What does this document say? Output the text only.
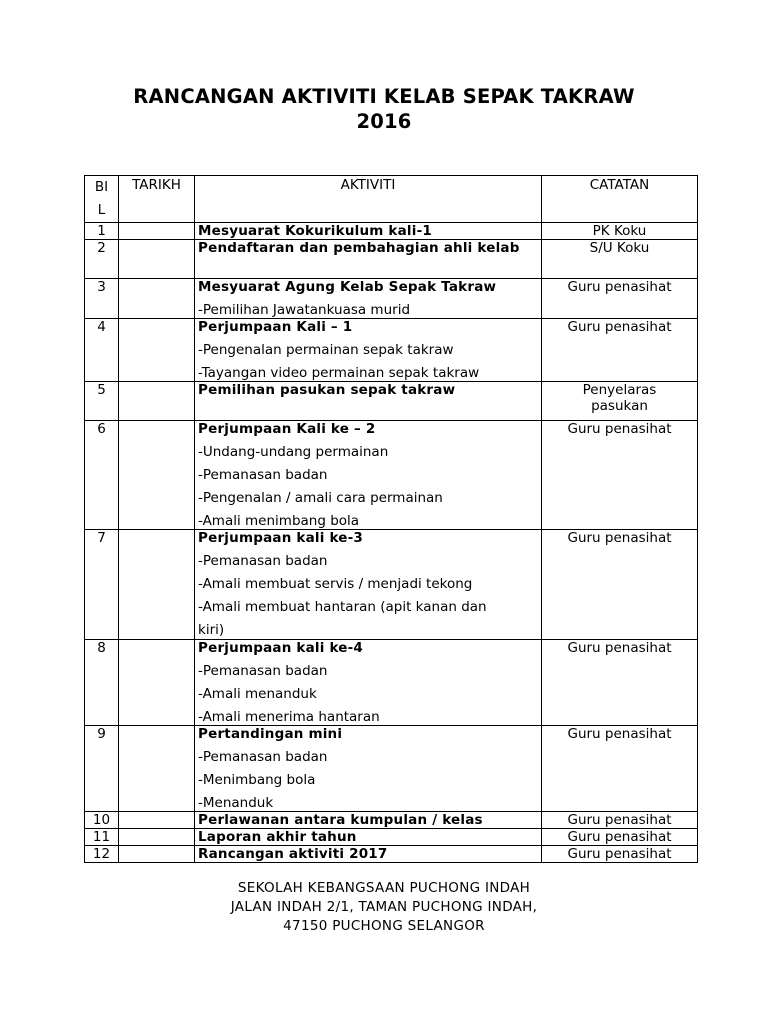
RANCANGAN AKTIVITI KELAB SEPAK TAKRAW
2016
BI
L	TARIKH	AKTIVITI	CATATAN
1		Mesyuarat Kokurikulum kali-1	PK Koku
2		Pendaftaran dan pembahagian ahli kelab	S/U Koku
3		Mesyuarat Agung Kelab Sepak Takraw
-Pemilihan Jawatankuasa murid	Guru penasihat
4		Perjumpaan Kali – 1
-Pengenalan permainan sepak takraw
-Tayangan video permainan sepak takraw	Guru penasihat
5		Pemilihan pasukan sepak takraw	Penyelaras
pasukan

6		Perjumpaan Kali ke – 2
-Undang-undang permainan
-Pemanasan badan
-Pengenalan / amali cara permainan
-Amali menimbang bola	Guru penasihat
7		Perjumpaan kali ke-3
-Pemanasan badan
-Amali membuat servis / menjadi tekong
-Amali membuat hantaran (apit kanan dan
kiri)	Guru penasihat
8		Perjumpaan kali ke-4
-Pemanasan badan
-Amali menanduk
-Amali menerima hantaran	Guru penasihat
9		Pertandingan mini
-Pemanasan badan
-Menimbang bola
-Menanduk	Guru penasihat
10		Perlawanan antara kumpulan / kelas	Guru penasihat
11		Laporan akhir tahun	Guru penasihat
12		Rancangan aktiviti 2017	Guru penasihat
SEKOLAH KEBANGSAAN PUCHONG INDAH
JALAN INDAH 2/1, TAMAN PUCHONG INDAH,
47150 PUCHONG SELANGOR
